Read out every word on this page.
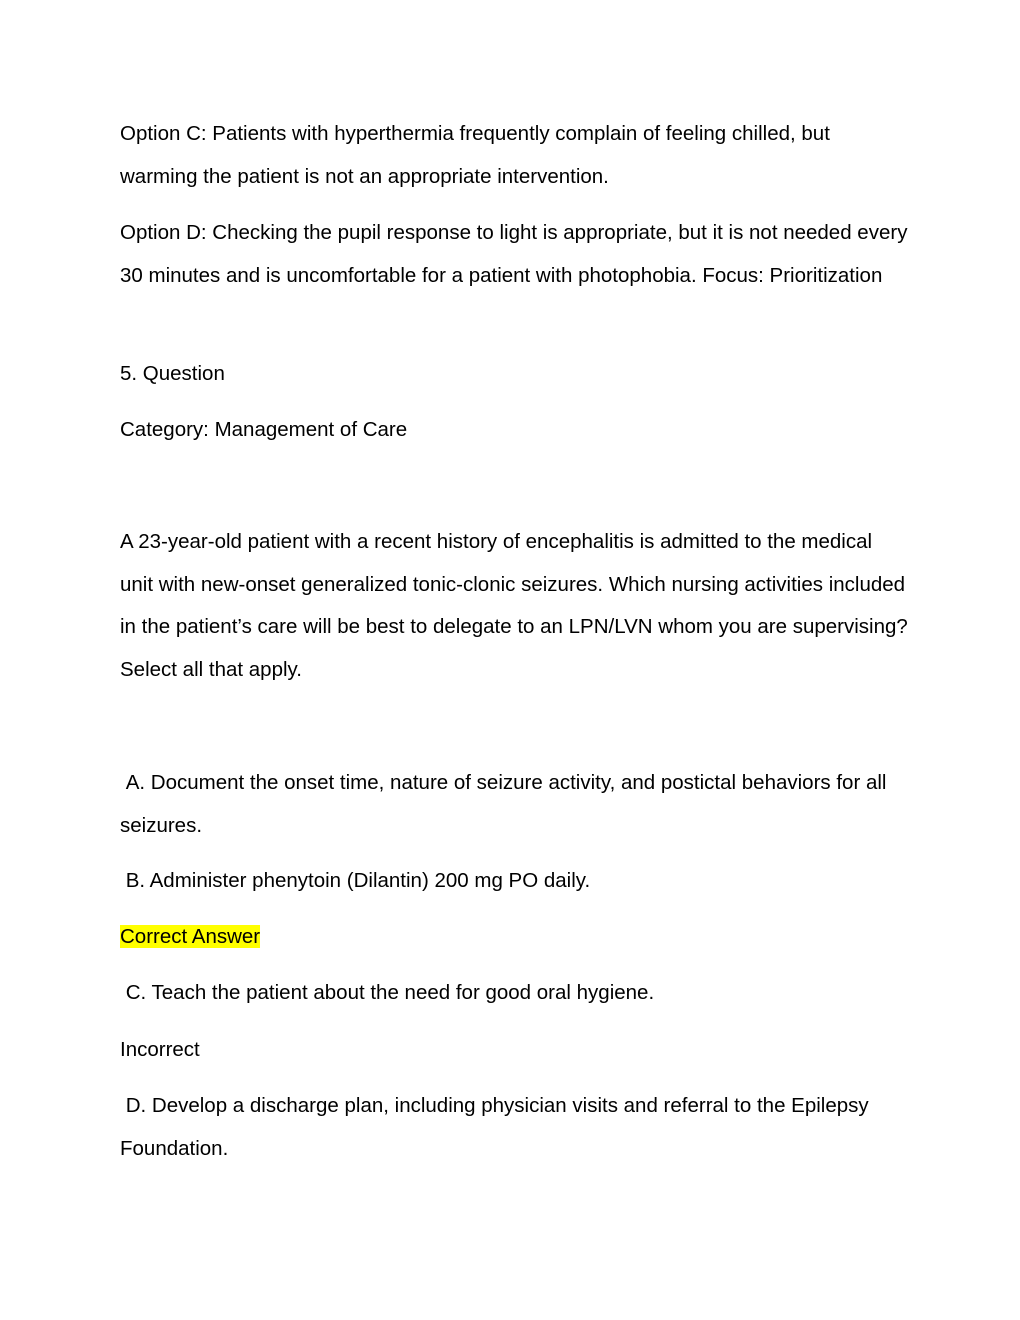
Option C: Patients with hyperthermia frequently complain of feeling chilled, but warming the patient is not an appropriate intervention.

Option D: Checking the pupil response to light is appropriate, but it is not needed every 30 minutes and is uncomfortable for a patient with photophobia. Focus: Prioritization

5. Question

Category: Management of Care

A 23-year-old patient with a recent history of encephalitis is admitted to the medical unit with new-onset generalized tonic-clonic seizures. Which nursing activities included in the patient’s care will be best to delegate to an LPN/LVN whom you are supervising? Select all that apply.

A. Document the onset time, nature of seizure activity, and postictal behaviors for all seizures.

B. Administer phenytoin (Dilantin) 200 mg PO daily.

Correct Answer

C. Teach the patient about the need for good oral hygiene.

Incorrect

D. Develop a discharge plan, including physician visits and referral to the Epilepsy Foundation.
